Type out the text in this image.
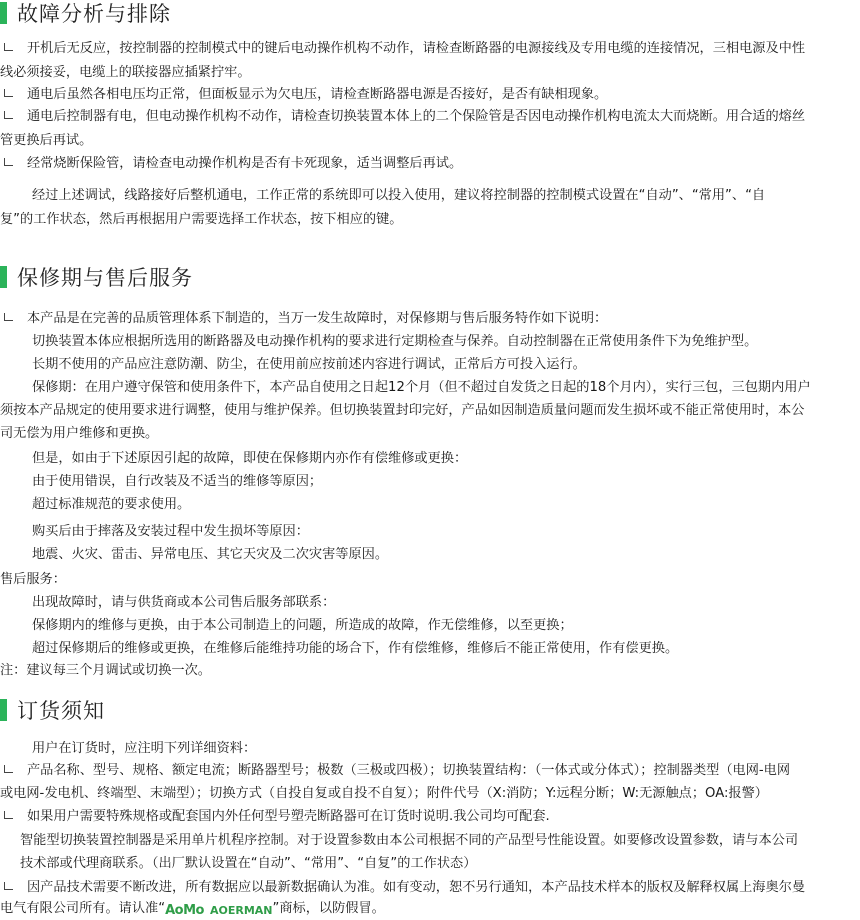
故障分析与排除
开机后无反应，按控制器的控制模式中的键后电动操作机构不动作，请检查断路器的电源接线及专用电缆的连接情况，三相电源及中性
线必须接妥，电缆上的联接器应插紧拧牢。
通电后虽然各相电压均正常，但面板显示为欠电压，请检查断路器电源是否接好，是否有缺相现象。
通电后控制器有电，但电动操作机构不动作，请检查切换装置本体上的二个保险管是否因电动操作机构电流太大而烧断。用合适的熔丝
管更换后再试。
经常烧断保险管，请检查电动操作机构是否有卡死现象，适当调整后再试。
经过上述调试，线路接好后整机通电，工作正常的系统即可以投入使用，建议将控制器的控制模式设置在“自动”、“常用”、“自
复”的工作状态，然后再根据用户需要选择工作状态，按下相应的键。
保修期与售后服务
本产品是在完善的品质管理体系下制造的，当万一发生故障时，对保修期与售后服务特作如下说明：
切换装置本体应根据所选用的断路器及电动操作机构的要求进行定期检查与保养。自动控制器在正常使用条件下为免维护型。
长期不使用的产品应注意防潮、防尘，在使用前应按前述内容进行调试，正常后方可投入运行。
保修期：在用户遵守保管和使用条件下，本产品自使用之日起12个月（但不超过自发货之日起的18个月内），实行三包，三包期内用户
须按本产品规定的使用要求进行调整，使用与维护保养。但切换装置封印完好，产品如因制造质量问题而发生损坏或不能正常使用时，本公
司无偿为用户维修和更换。
但是，如由于下述原因引起的故障，即使在保修期内亦作有偿维修或更换：
由于使用错误，自行改装及不适当的维修等原因；
超过标准规范的要求使用。
购买后由于摔落及安装过程中发生损坏等原因：
地震、火灾、雷击、异常电压、其它天灾及二次灾害等原因。
售后服务：
出现故障时，请与供货商或本公司售后服务部联系：
保修期内的维修与更换，由于本公司制造上的问题，所造成的故障，作无偿维修，以至更换；
超过保修期后的维修或更换，在维修后能维持功能的场合下，作有偿维修，维修后不能正常使用，作有偿更换。
注：建议每三个月调试或切换一次。
订货须知
用户在订货时，应注明下列详细资料：
产品名称、型号、规格、额定电流；断路器型号；极数（三极或四极）；切换装置结构：（一体式或分体式）；控制器类型（电网-电网
或电网-发电机、终端型、末端型）；切换方式（自投自复或自投不自复）；附件代号（X:消防；Y:远程分断；W:无源触点；OA:报警）
如果用户需要特殊规格或配套国内外任何型号塑壳断路器可在订货时说明.我公司均可配套.
智能型切换装置控制器是采用单片机程序控制。对于设置参数由本公司根据不同的产品型号性能设置。如要修改设置参数，请与本公司
技术部或代理商联系。（出厂默认设置在“自动”、“常用”、“自复”的工作状态）
因产品技术需要不断改进，所有数据应以最新数据确认为准。如有变动，恕不另行通知，本产品技术样本的版权及解释权属上海奥尔曼
电气有限公司所有。请认准“AoMo AOERMAN”商标，以防假冒。
